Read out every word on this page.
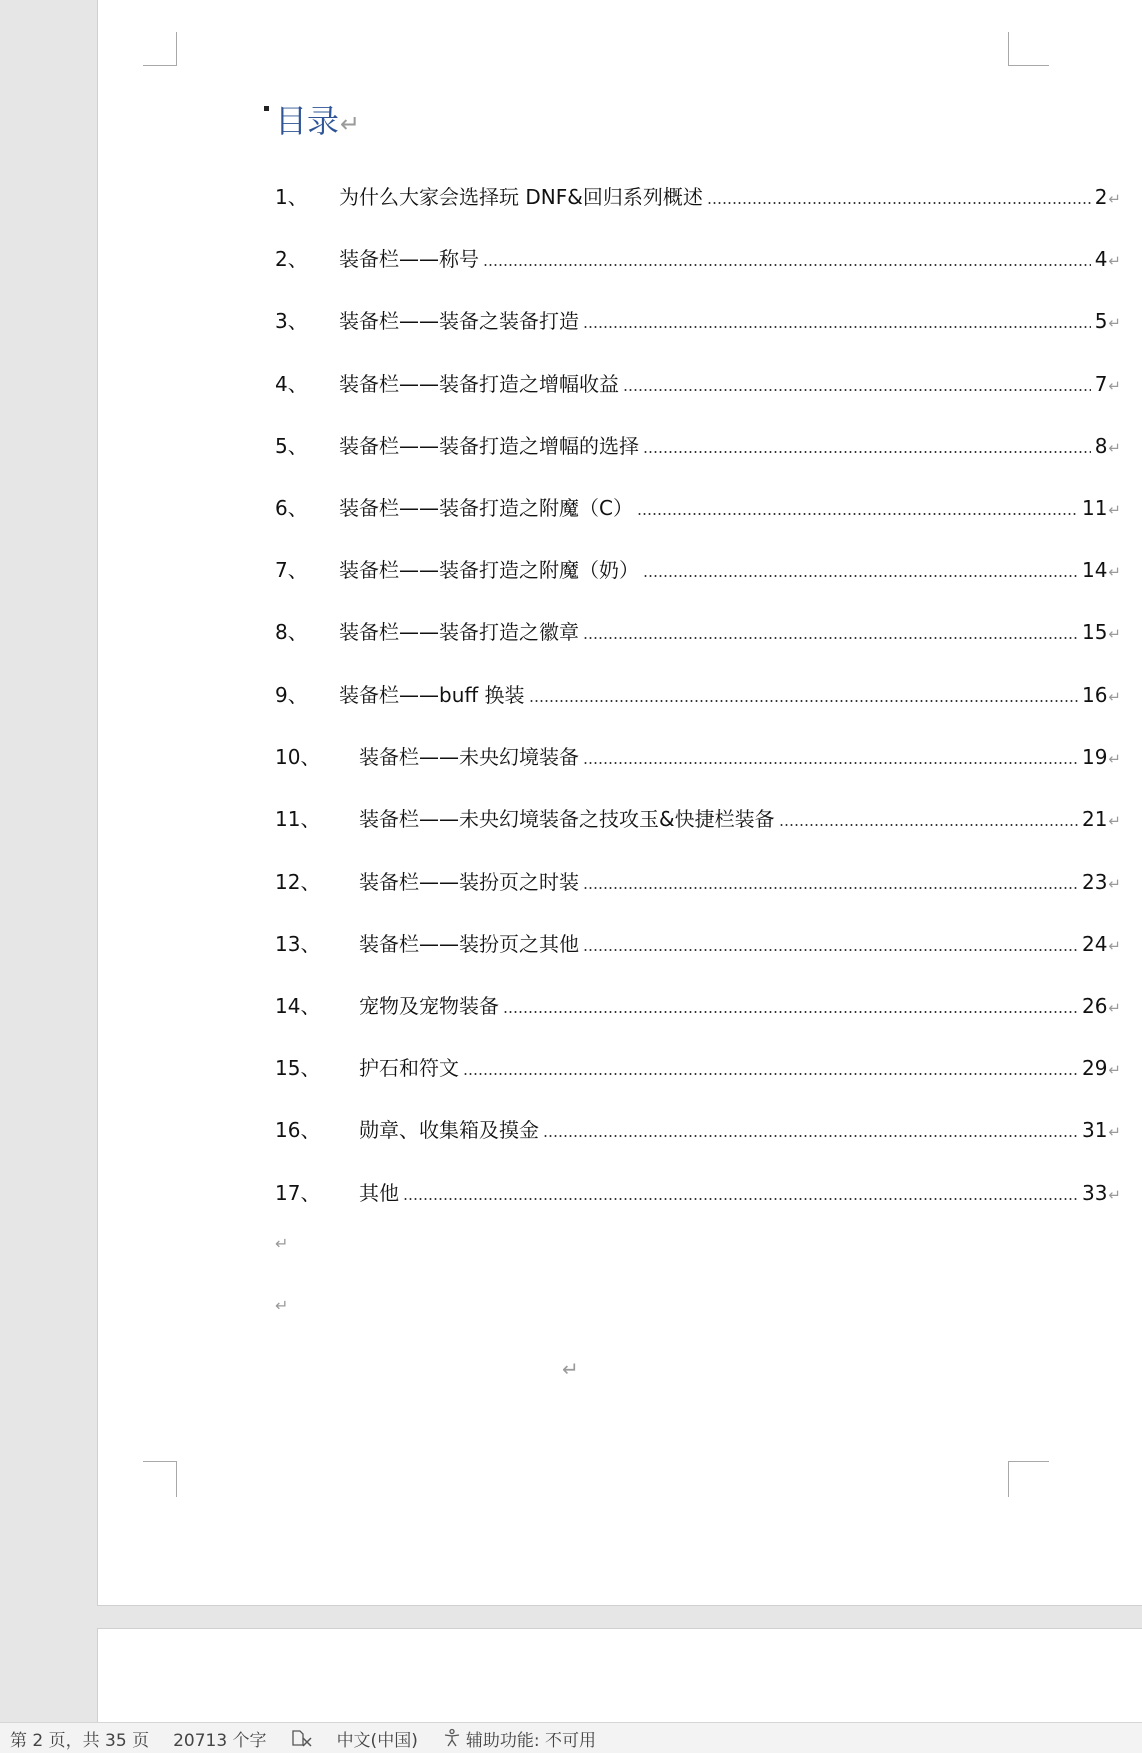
目录↵
1、	为什么大家会选择玩 DNF&回归系列概述	2 ↵
2、	装备栏——称号	4 ↵
3、	装备栏——装备之装备打造	5 ↵
4、	装备栏——装备打造之增幅收益	7 ↵
5、	装备栏——装备打造之增幅的选择	8 ↵
6、	装备栏——装备打造之附魔（C）	11 ↵
7、	装备栏——装备打造之附魔（奶）	14 ↵
8、	装备栏——装备打造之徽章	15 ↵
9、	装备栏——buff 换装	16 ↵
10、	装备栏——未央幻境装备	19 ↵
11、	装备栏——未央幻境装备之技攻玉&快捷栏装备	21 ↵
12、	装备栏——装扮页之时装	23 ↵
13、	装备栏——装扮页之其他	24 ↵
14、	宠物及宠物装备	26 ↵
15、	护石和符文	29 ↵
16、	勋章、收集箱及摸金	31 ↵
17、	其他	33 ↵
↵
↵
↵
第 2 页，共 35 页 20713 个字	中文(中国)	辅助功能: 不可用
